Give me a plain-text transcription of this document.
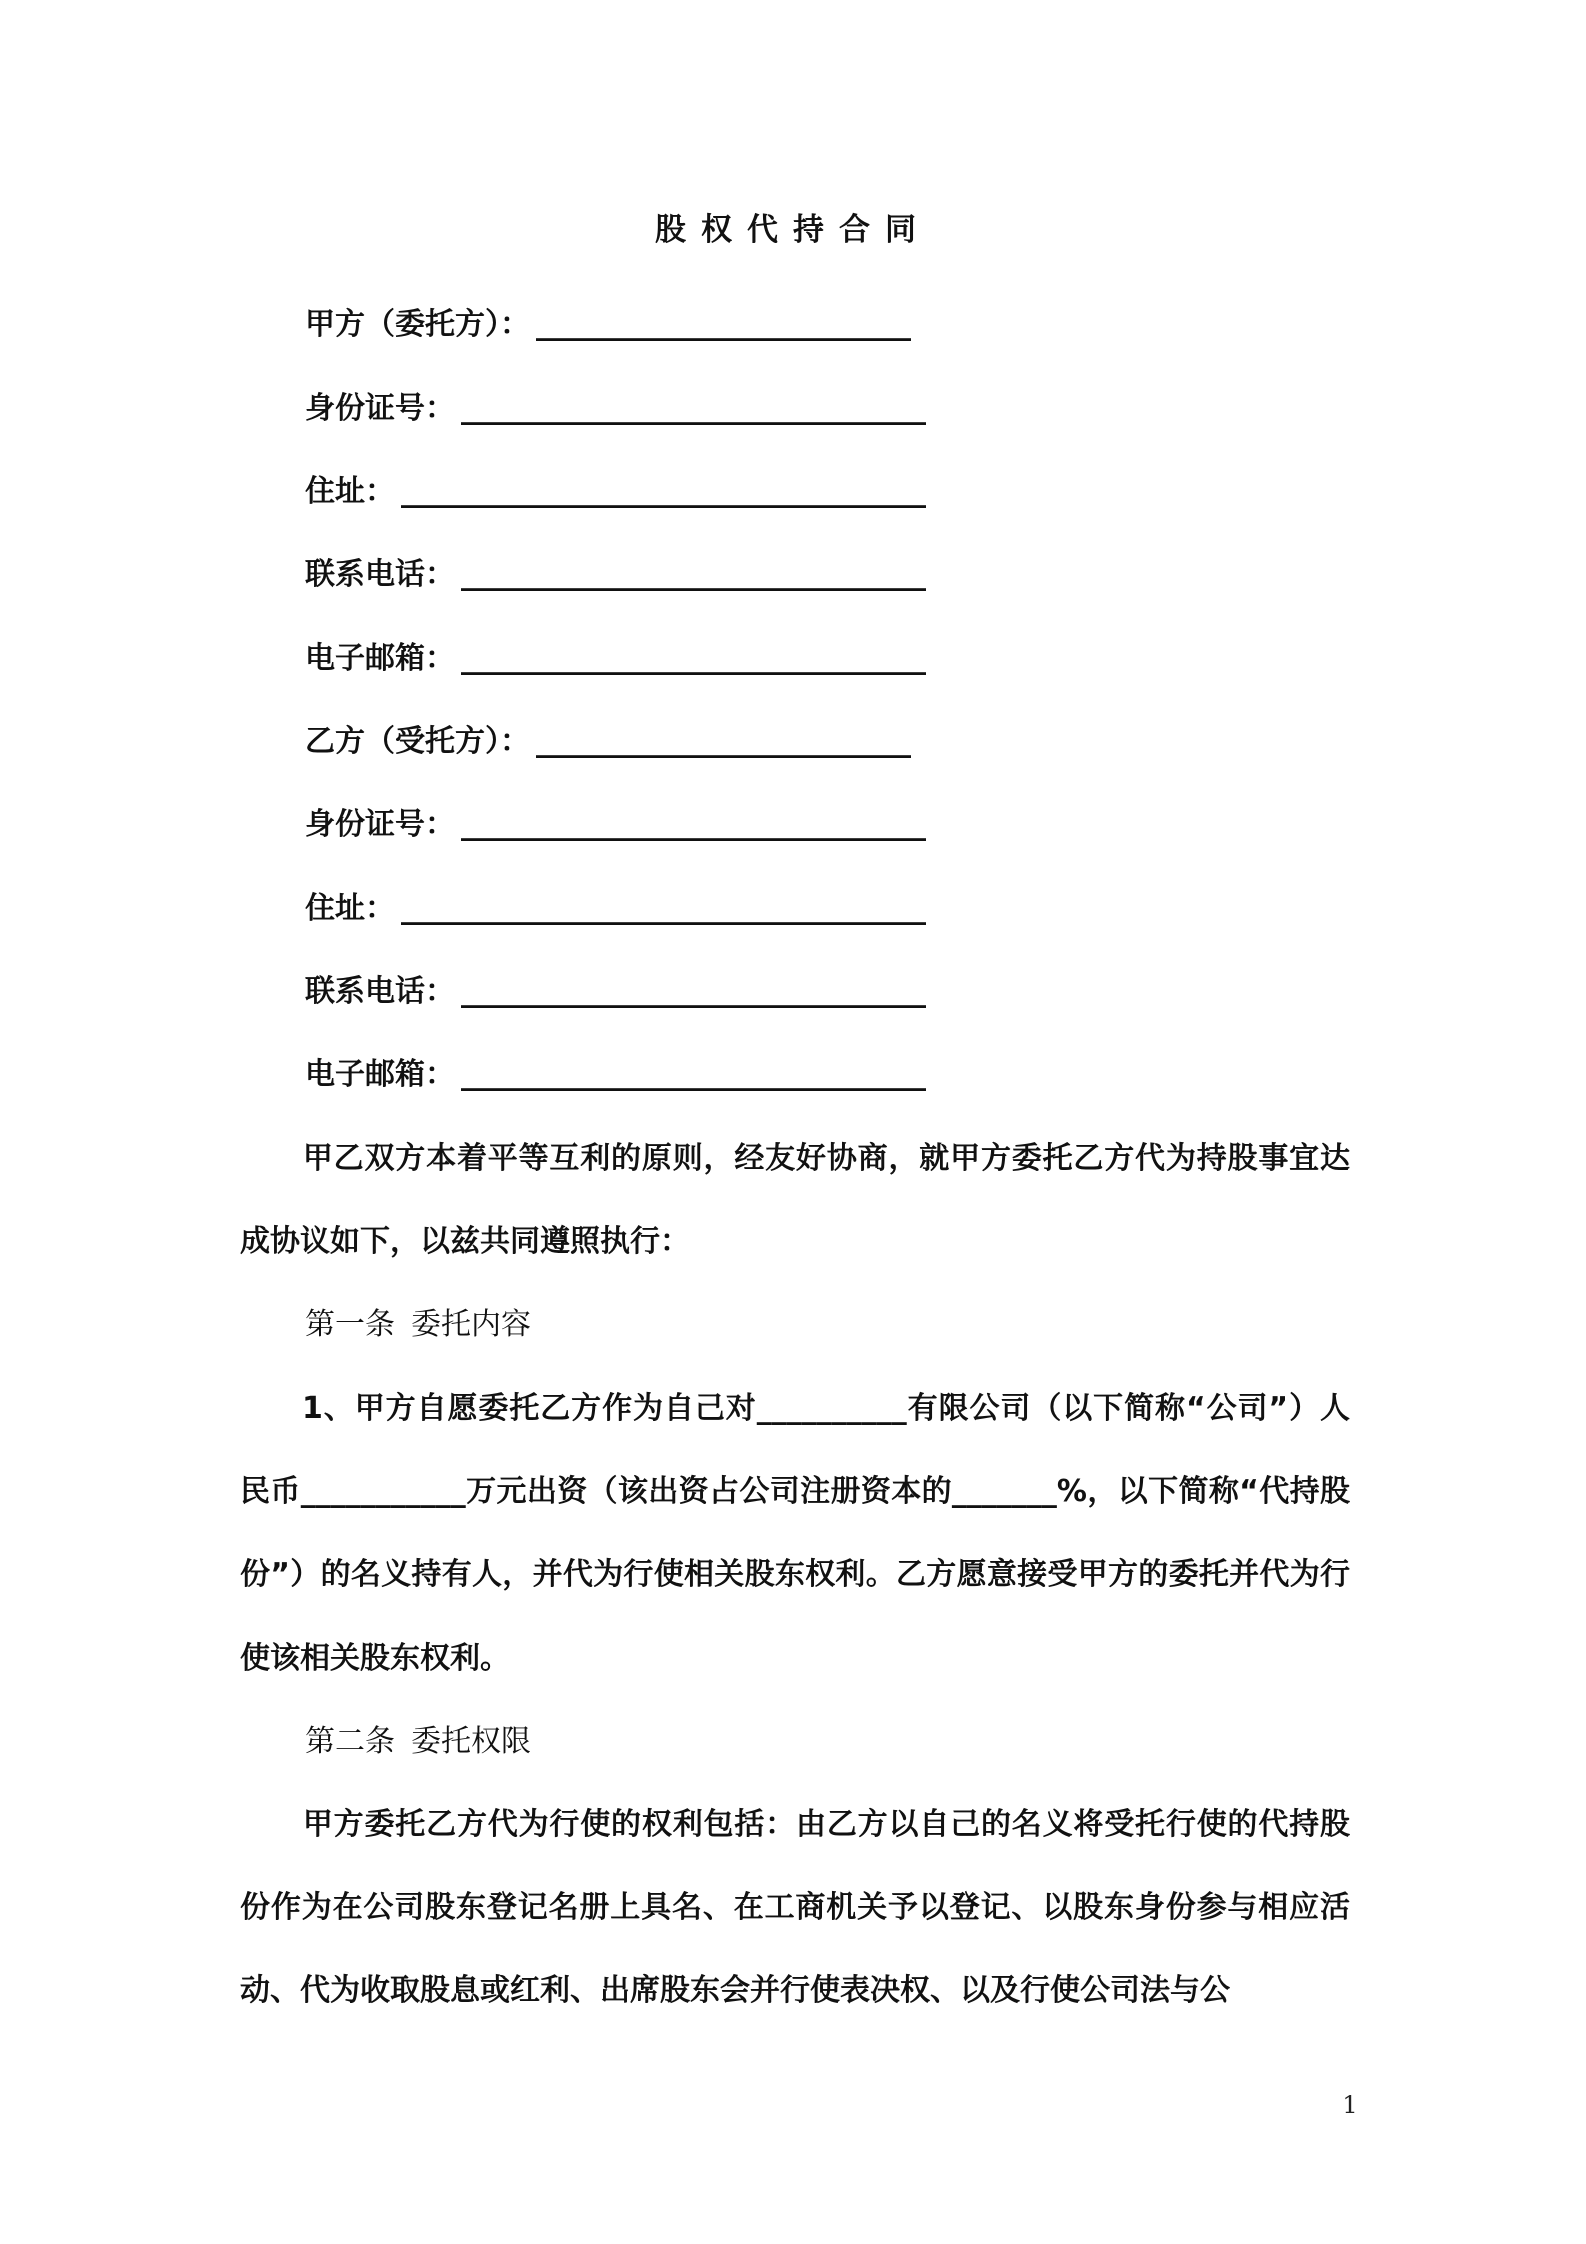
股权代持合同
甲方（委托方）： _________________________
身份证号： _______________________________
住址： ___________________________________
联系电话： _______________________________
电子邮箱： _______________________________
乙方（受托方）： _________________________
身份证号： _______________________________
住址： ___________________________________
联系电话： _______________________________
电子邮箱： _______________________________
甲乙双方本着平等互利的原则，经友好协商，就甲方委托乙方代为持股事宜达成协议如下，以兹共同遵照执行：
第一条 委托内容
1、甲方自愿委托乙方作为自己对__________有限公司（以下简称“公司”）人民币___________万元出资（该出资占公司注册资本的_______%，以下简称“代持股份”）的名义持有人，并代为行使相关股东权利。乙方愿意接受甲方的委托并代为行使该相关股东权利。
第二条 委托权限
甲方委托乙方代为行使的权利包括：由乙方以自己的名义将受托行使的代持股份作为在公司股东登记名册上具名、在工商机关予以登记、以股东身份参与相应活动、代为收取股息或红利、出席股东会并行使表决权、以及行使公司法与公
1
